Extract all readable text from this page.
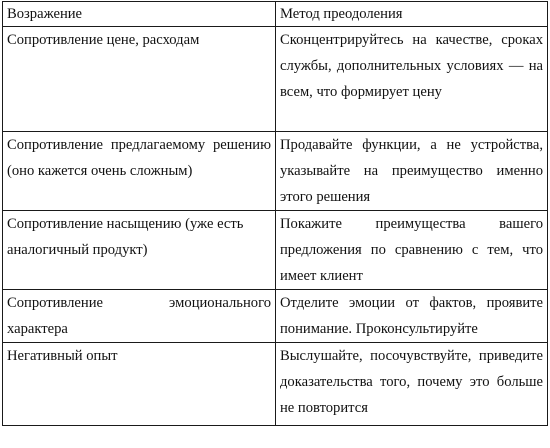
Возражение	Метод преодоления

Сопротивление цене, расходам	Сконцентрируйтесь на качестве, сроках службы, дополнительных условиях — на всем, что формирует цену

Сопротивление предлагаемому решению (оно кажется очень сложным)	Продавайте функции, а не устройства, указывайте на преимущество именно этого решения

Сопротивление насыщению (уже есть аналогичный продукт)	Покажите преимущества вашего предложения по сравнению с тем, что имеет клиент

Сопротивление эмоционального характера	Отделите эмоции от фактов, проявите понимание. Проконсультируйте

Негативный опыт	Выслушайте, посочувствуйте, приведите доказательства того, почему это больше не повторится
